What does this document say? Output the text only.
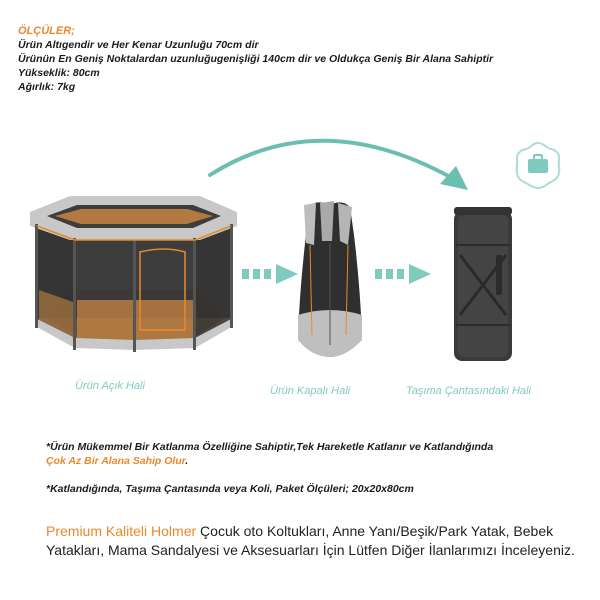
ÖLÇÜLER;
Ürün Altıgendir ve Her Kenar Uzunluğu 70cm dir
Ürünün En Geniş Noktalardan uzunluğugenişliği 140cm dir ve Oldukça Geniş Bir Alana Sahiptir
Yükseklik: 80cm
Ağırlık: 7kg
Ürün Açık Hali	Ürün Kapalı Hali	Taşıma Çantasındaki Hali
*Ürün Mükemmel Bir Katlanma Özelliğine Sahiptir,Tek Hareketle Katlanır ve Katlandığında
Çok Az Bir Alana Sahip Olur.
*Katlandığında, Taşıma Çantasında veya Koli, Paket Ölçüleri; 20x20x80cm
Premium Kaliteli Holmer Çocuk oto Koltukları, Anne Yanı/Beşik/Park Yatak, Bebek Yatakları, Mama Sandalyesi ve Aksesuarları İçin Lütfen Diğer İlanlarımızı İnceleyeniz.
